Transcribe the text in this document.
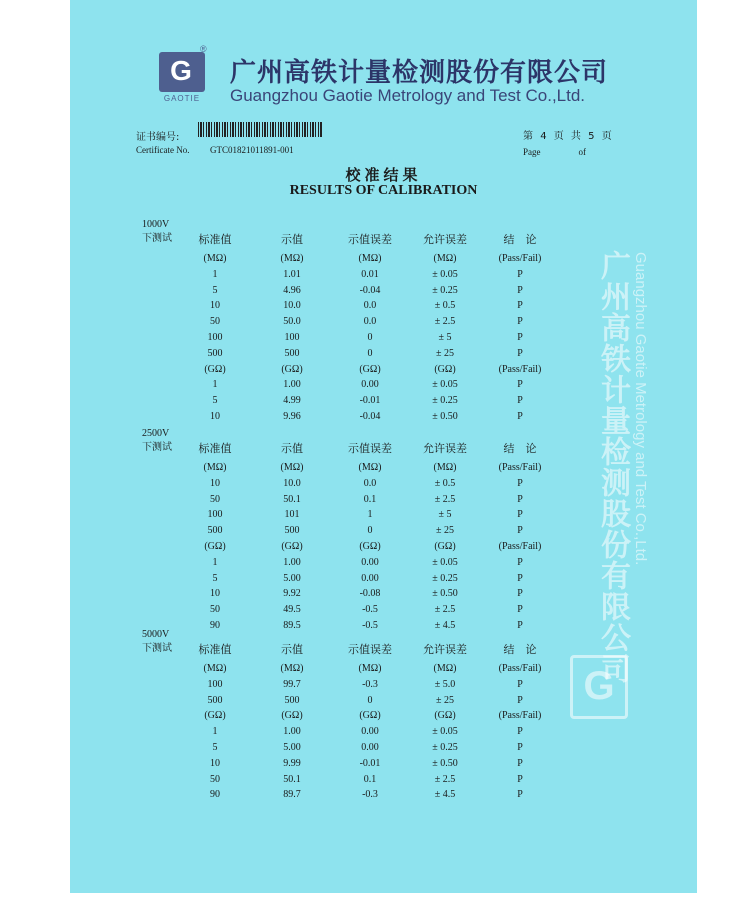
G
®
GAOTIE
广州高铁计量检测股份有限公司
Guangzhou Gaotie Metrology and Test Co.,Ltd.
证书编号:
Certificate No. GTC01821011891-001
第 4 页 共 5 页
Page	of
校准结果
RESULTS OF CALIBRATION
1000V
下测试 标准值	示值	示值误差	允许误差	结　论
(MΩ)	(MΩ)	(MΩ)	(MΩ)	(Pass/Fail)
1	1.01	0.01	± 0.05	P
5	4.96	-0.04	± 0.25	P
10	10.0	0.0	± 0.5	P
50	50.0	0.0	± 2.5	P
100	100	0	± 5	P
500	500	0	± 25	P
(GΩ)	(GΩ)	(GΩ)	(GΩ)	(Pass/Fail)
1	1.00	0.00	± 0.05	P
5	4.99	-0.01	± 0.25	P
10	9.96	-0.04	± 0.50	P
2500V
下测试 标准值	示值	示值误差	允许误差	结　论
(MΩ)	(MΩ)	(MΩ)	(MΩ)	(Pass/Fail)
10	10.0	0.0	± 0.5	P
50	50.1	0.1	± 2.5	P
100	101	1	± 5	P
500	500	0	± 25	P
(GΩ)	(GΩ)	(GΩ)	(GΩ)	(Pass/Fail)
1	1.00	0.00	± 0.05	P
5	5.00	0.00	± 0.25	P
10	9.92	-0.08	± 0.50	P
50	49.5	-0.5	± 2.5	P
90	89.5	-0.5	± 4.5	P
5000V
下测试 标准值	示值	示值误差	允许误差	结　论
(MΩ)	(MΩ)	(MΩ)	(MΩ)	(Pass/Fail)
100	99.7	-0.3	± 5.0	P
500	500	0	± 25	P
(GΩ)	(GΩ)	(GΩ)	(GΩ)	(Pass/Fail)
1	1.00	0.00	± 0.05	P
5	5.00	0.00	± 0.25	P
10	9.99	-0.01	± 0.50	P
50	50.1	0.1	± 2.5	P
90	89.7	-0.3	± 4.5	P
广州高铁计量检测股份有限公司 Guangzhou Gaotie Metrology and Test Co.,Ltd.
G
